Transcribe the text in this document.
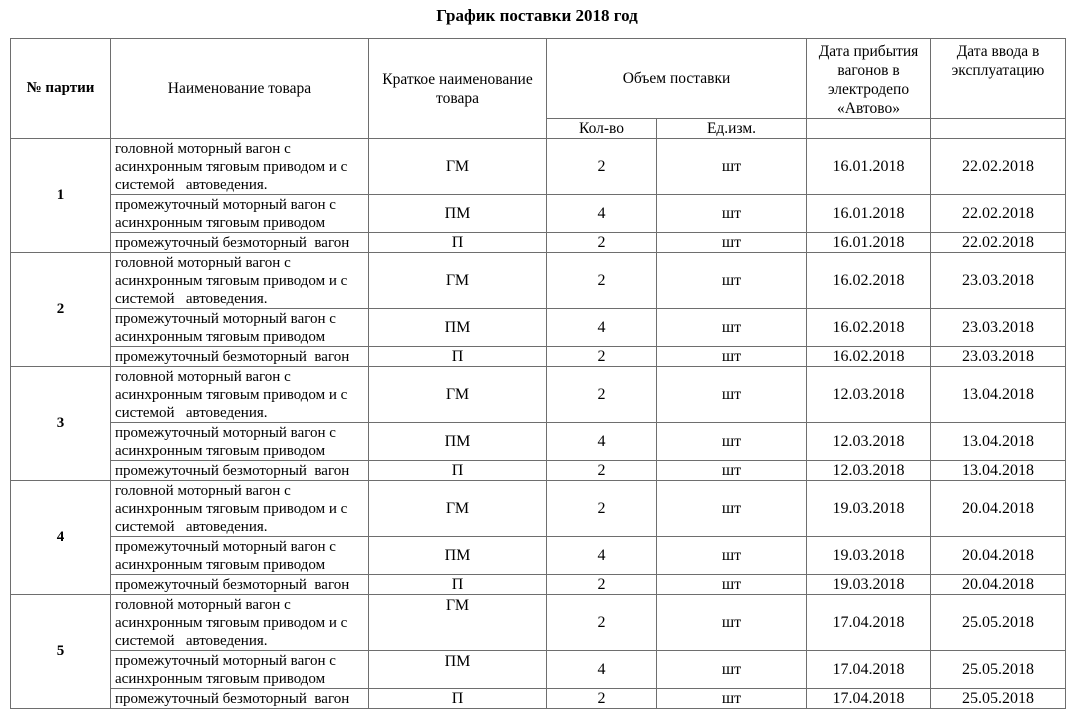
График поставки 2018 год
№ партии	Наименование товара	Краткое наименование товара	Объем поставки		Дата прибытия вагонов в электродепо «Автово»	Дата ввода в эксплуатацию
			Кол-во	Ед.изм.		
1	головной моторный вагон с асинхронным тяговым приводом и с системой   автоведения.	ГМ	2	шт	16.01.2018	22.02.2018
	промежуточный моторный вагон с асинхронным тяговым приводом	ПМ	4	шт	16.01.2018	22.02.2018
	промежуточный безмоторный  вагон	П	2	шт	16.01.2018	22.02.2018
2	головной моторный вагон с асинхронным тяговым приводом и с системой   автоведения.	ГМ	2	шт	16.02.2018	23.03.2018
	промежуточный моторный вагон с асинхронным тяговым приводом	ПМ	4	шт	16.02.2018	23.03.2018
	промежуточный безмоторный  вагон	П	2	шт	16.02.2018	23.03.2018
3	головной моторный вагон с асинхронным тяговым приводом и с системой   автоведения.	ГМ	2	шт	12.03.2018	13.04.2018
	промежуточный моторный вагон с асинхронным тяговым приводом	ПМ	4	шт	12.03.2018	13.04.2018
	промежуточный безмоторный  вагон	П	2	шт	12.03.2018	13.04.2018
4	головной моторный вагон с асинхронным тяговым приводом и с системой   автоведения.	ГМ	2	шт	19.03.2018	20.04.2018
	промежуточный моторный вагон с асинхронным тяговым приводом	ПМ	4	шт	19.03.2018	20.04.2018
	промежуточный безмоторный  вагон	П	2	шт	19.03.2018	20.04.2018
5	головной моторный вагон с асинхронным тяговым приводом и с системой   автоведения.	ГМ	2	шт	17.04.2018	25.05.2018
	промежуточный моторный вагон с асинхронным тяговым приводом	ПМ	4	шт	17.04.2018	25.05.2018
	промежуточный безмоторный  вагон	П	2	шт	17.04.2018	25.05.2018
